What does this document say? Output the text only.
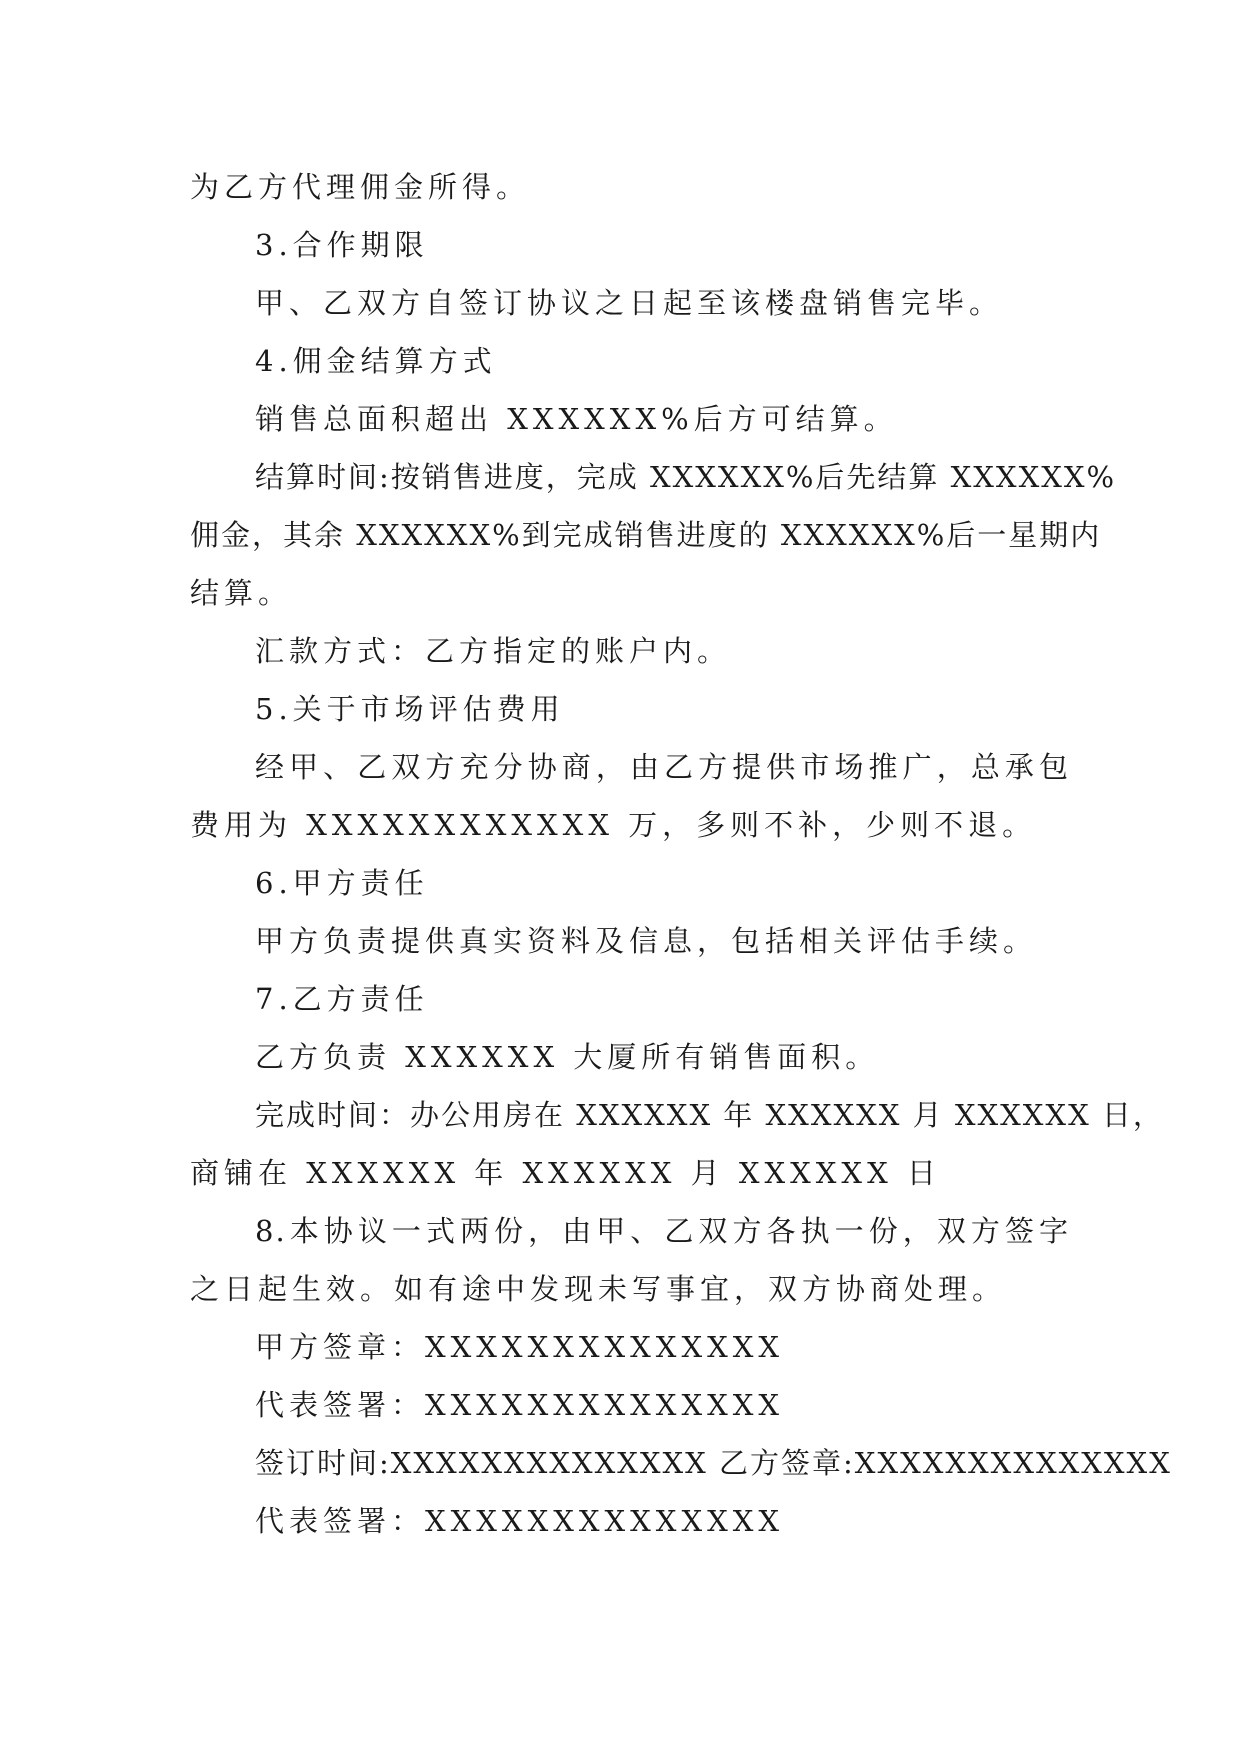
为乙方代理佣金所得。
3.合作期限
甲、乙双方自签订协议之日起至该楼盘销售完毕。
4.佣金结算方式
销售总面积超出 XXXXXX%后方可结算。
结算时间:按销售进度，完成 XXXXXX%后先结算 XXXXXX%
佣金，其余 XXXXXX%到完成销售进度的 XXXXXX%后一星期内
结算。
汇款方式：乙方指定的账户内。
5.关于市场评估费用
经甲、乙双方充分协商，由乙方提供市场推广，总承包
费用为 XXXXXXXXXXXX 万，多则不补，少则不退。
6.甲方责任
甲方负责提供真实资料及信息，包括相关评估手续。
7.乙方责任
乙方负责 XXXXXX 大厦所有销售面积。
完成时间：办公用房在 XXXXXX 年 XXXXXX 月 XXXXXX 日，
商铺在 XXXXXX 年 XXXXXX 月 XXXXXX 日
8.本协议一式两份，由甲、乙双方各执一份，双方签字
之日起生效。如有途中发现未写事宜，双方协商处理。
甲方签章：XXXXXXXXXXXXXX
代表签署：XXXXXXXXXXXXXX
签订时间:XXXXXXXXXXXXXX 乙方签章:XXXXXXXXXXXXXX
代表签署：XXXXXXXXXXXXXX
